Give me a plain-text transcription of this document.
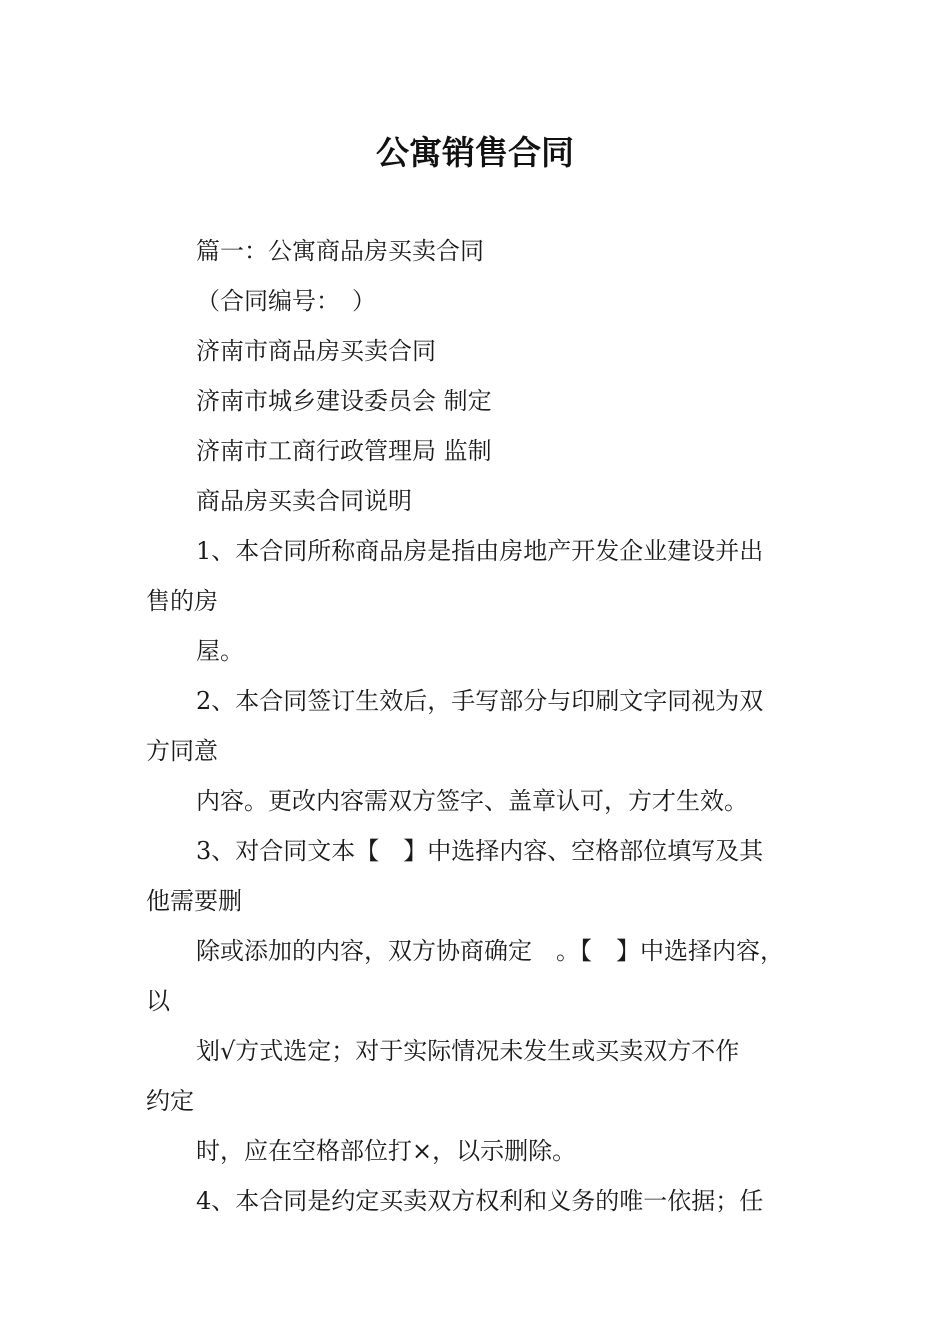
公寓销售合同

篇一：公寓商品房买卖合同

（合同编号：　）

济南市商品房买卖合同

济南市城乡建设委员会 制定

济南市工商行政管理局 监制

商品房买卖合同说明

1、本合同所称商品房是指由房地产开发企业建设并出

售的房

屋。

2、本合同签订生效后，手写部分与印刷文字同视为双

方同意

内容。更改内容需双方签字、盖章认可，方才生效。

3、对合同文本【　】中选择内容、空格部位填写及其

他需要删

除或添加的内容，双方协商确定　。【　】中选择内容，

以

划√方式选定；对于实际情况未发生或买卖双方不作

约定

时，应在空格部位打×，以示删除。

4、本合同是约定买卖双方权利和义务的唯一依据；任
